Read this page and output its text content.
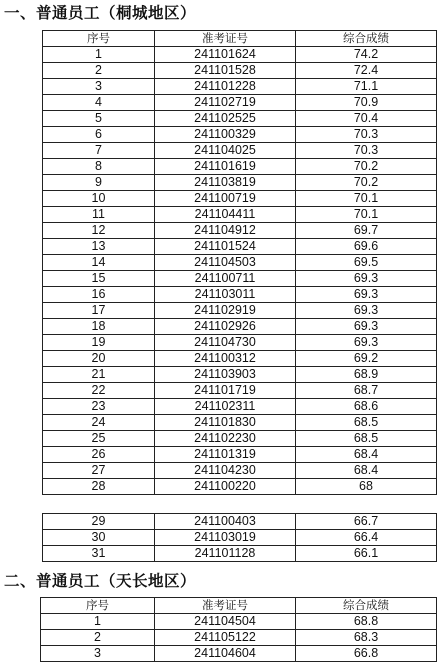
一、普通员工（桐城地区）
序号	准考证号	综合成绩
1	241101624	74.2
2	241101528	72.4
3	241101228	71.1
4	241102719	70.9
5	241102525	70.4
6	241100329	70.3
7	241104025	70.3
8	241101619	70.2
9	241103819	70.2
10	241100719	70.1
11	241104411	70.1
12	241104912	69.7
13	241101524	69.6
14	241104503	69.5
15	241100711	69.3
16	241103011	69.3
17	241102919	69.3
18	241102926	69.3
19	241104730	69.3
20	241100312	69.2
21	241103903	68.9
22	241101719	68.7
23	241102311	68.6
24	241101830	68.5
25	241102230	68.5
26	241101319	68.4
27	241104230	68.4
28	241100220	68
29	241100403	66.7
30	241103019	66.4
31	241101128	66.1
二、普通员工（天长地区）
序号	准考证号	综合成绩
1	241104504	68.8
2	241105122	68.3
3	241104604	66.8
